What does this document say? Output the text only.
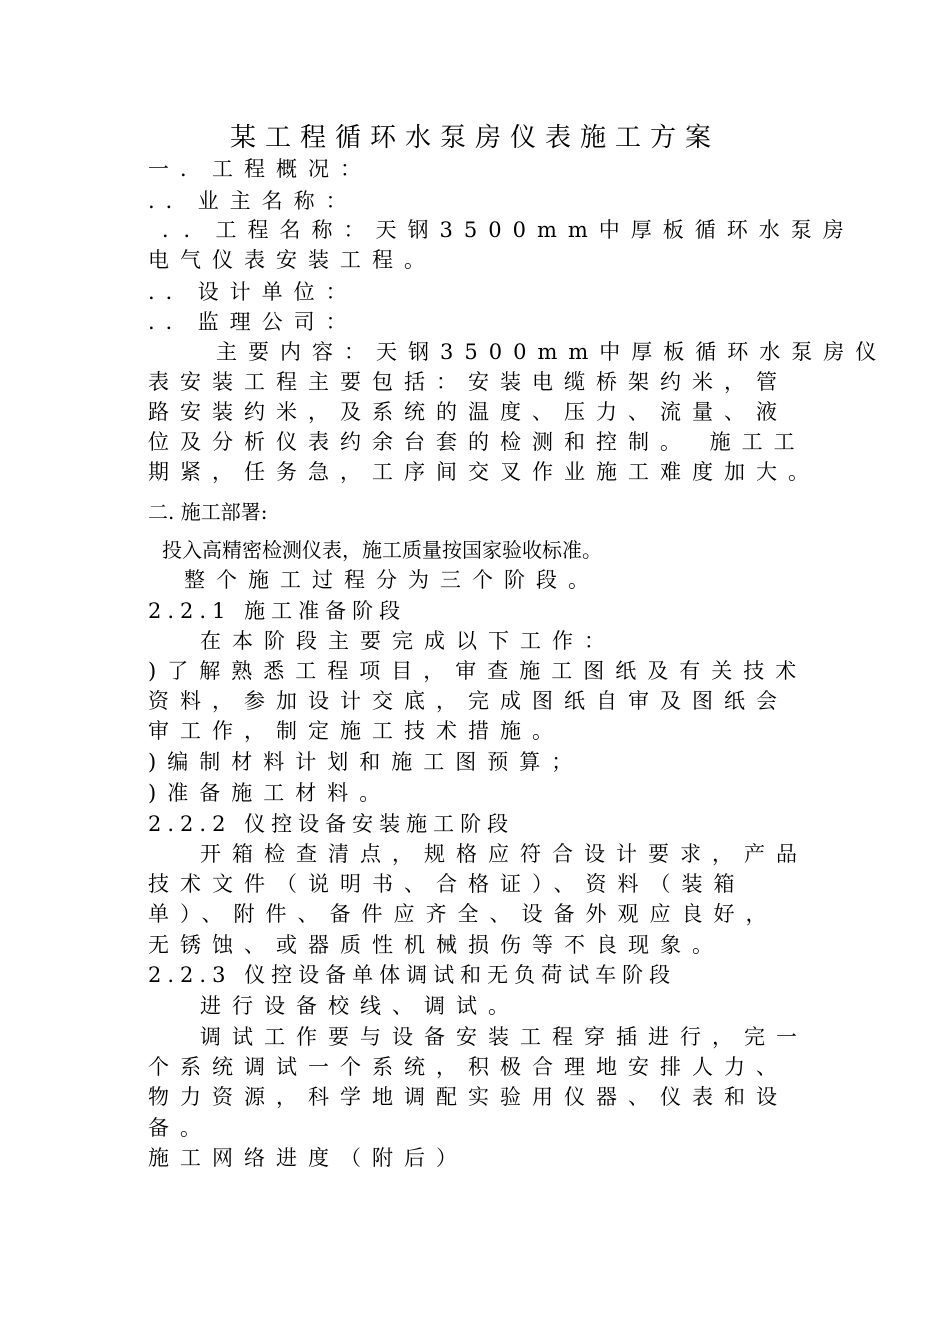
某工程循环水泵房仪表施工方案
一．工程概况：
.．业主名称：
．．工程名称：天钢3500mm中厚板循环水泵房
电气仪表安装工程。
.．设计单位：
.．监理公司：
主要内容：天钢3500mm中厚板循环水泵房仪
表安装工程主要包括：安装电缆桥架约米，管
路安装约米，及系统的温度、压力、流量、液
位及分析仪表约余台套的检测和控制。 施工工
期紧，任务急，工序间交叉作业施工难度加大。
二. 施工部署:
投入高精密检测仪表，施工质量按国家验收标准。
整个施工过程分为三个阶段。
2.2.1 施工准备阶段
在本阶段主要完成以下工作：
)了解熟悉工程项目，审查施工图纸及有关技术
资料，参加设计交底，完成图纸自审及图纸会
审工作，制定施工技术措施。
)编制材料计划和施工图预算；
)准备施工材料。
2.2.2 仪控设备安装施工阶段
开箱检查清点，规格应符合设计要求，产品
技术文件（说明书、合格证）、资料（装箱
单）、附件、备件应齐全、设备外观应良好，
无锈蚀、或器质性机械损伤等不良现象。
2.2.3 仪控设备单体调试和无负荷试车阶段
进行设备校线、调试。
调试工作要与设备安装工程穿插进行，完一
个系统调试一个系统，积极合理地安排人力、
物力资源，科学地调配实验用仪器、仪表和设
备。
施工网络进度（附后）
